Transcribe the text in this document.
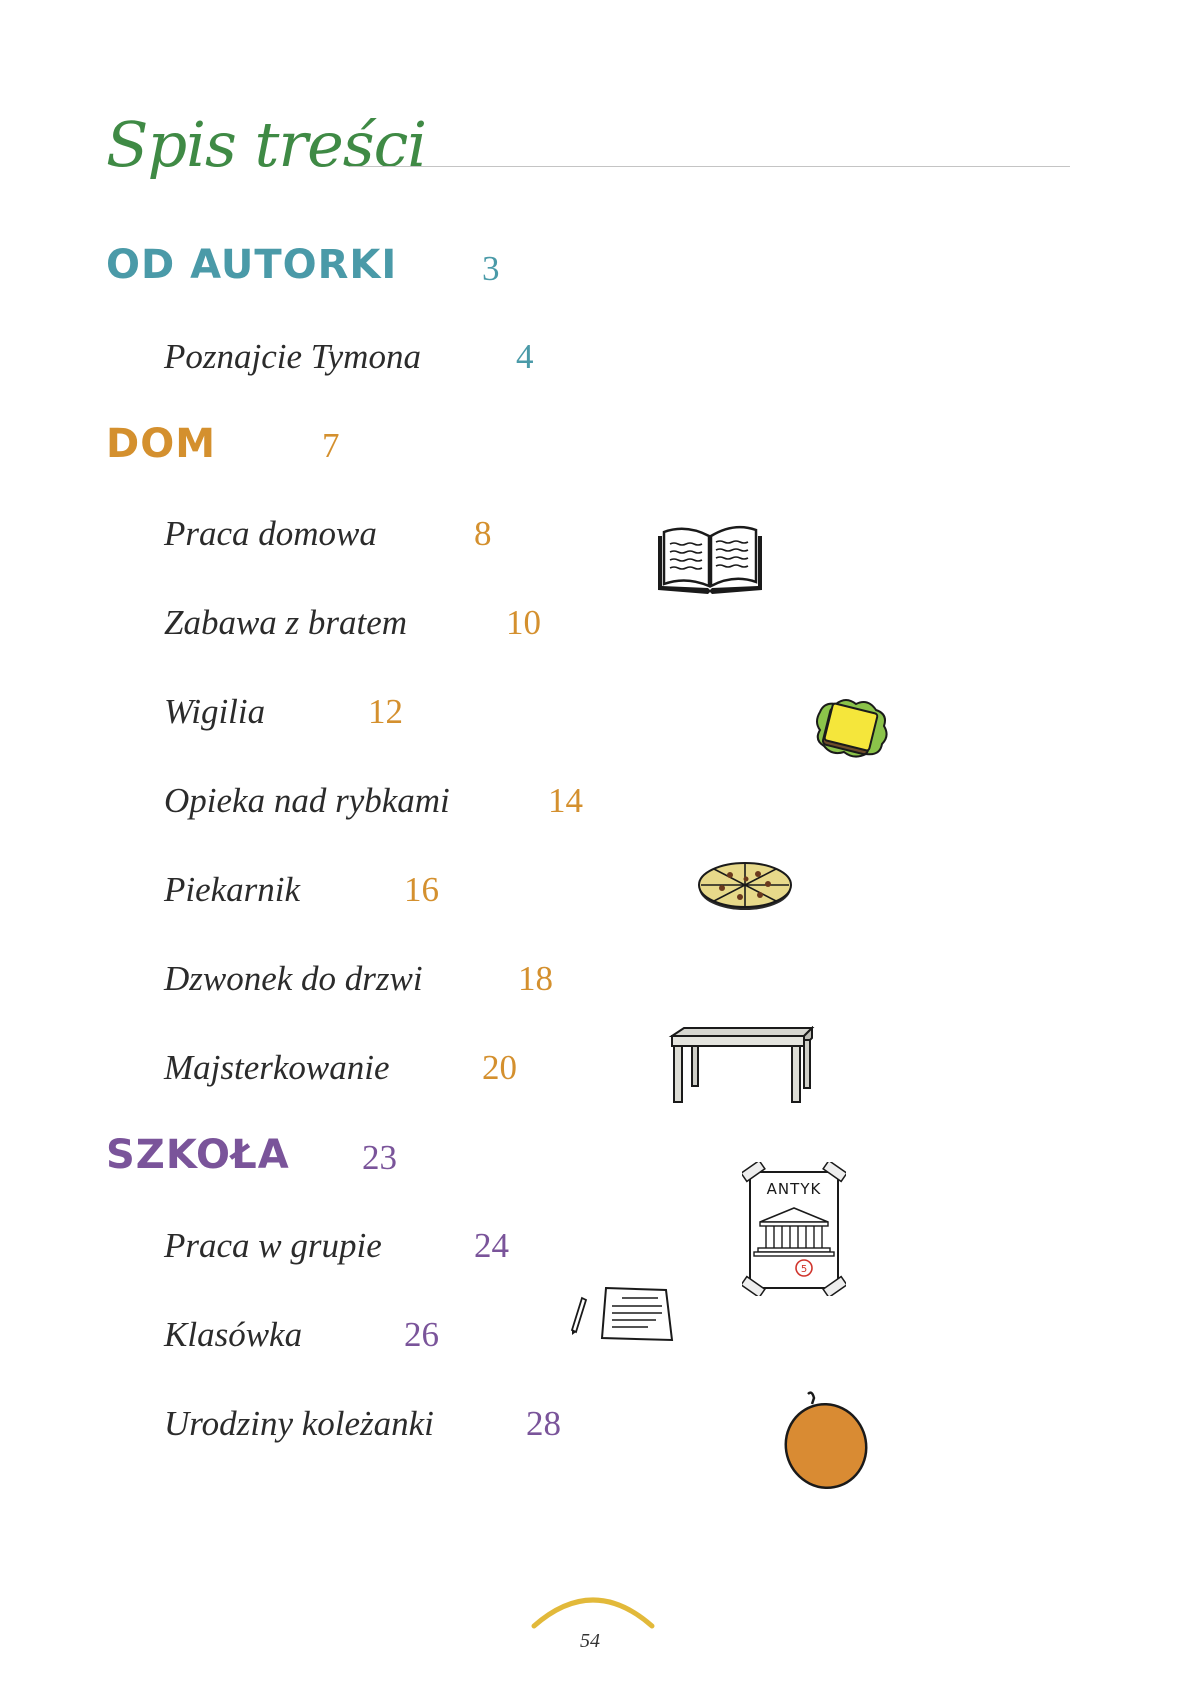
Spis treści
OD AUTORKI 3
Poznajcie Tymona	4
DOM	7
Praca domowa	8
Zabawa z bratem	10
Wigilia	12
Opieka nad rybkami	14
Piekarnik	16
Dzwonek do drzwi	18
Majsterkowanie	20
SZKOŁA 23
Praca w grupie	24
Klasówka	26
Urodziny koleżanki	28
5
ANTYK
54
